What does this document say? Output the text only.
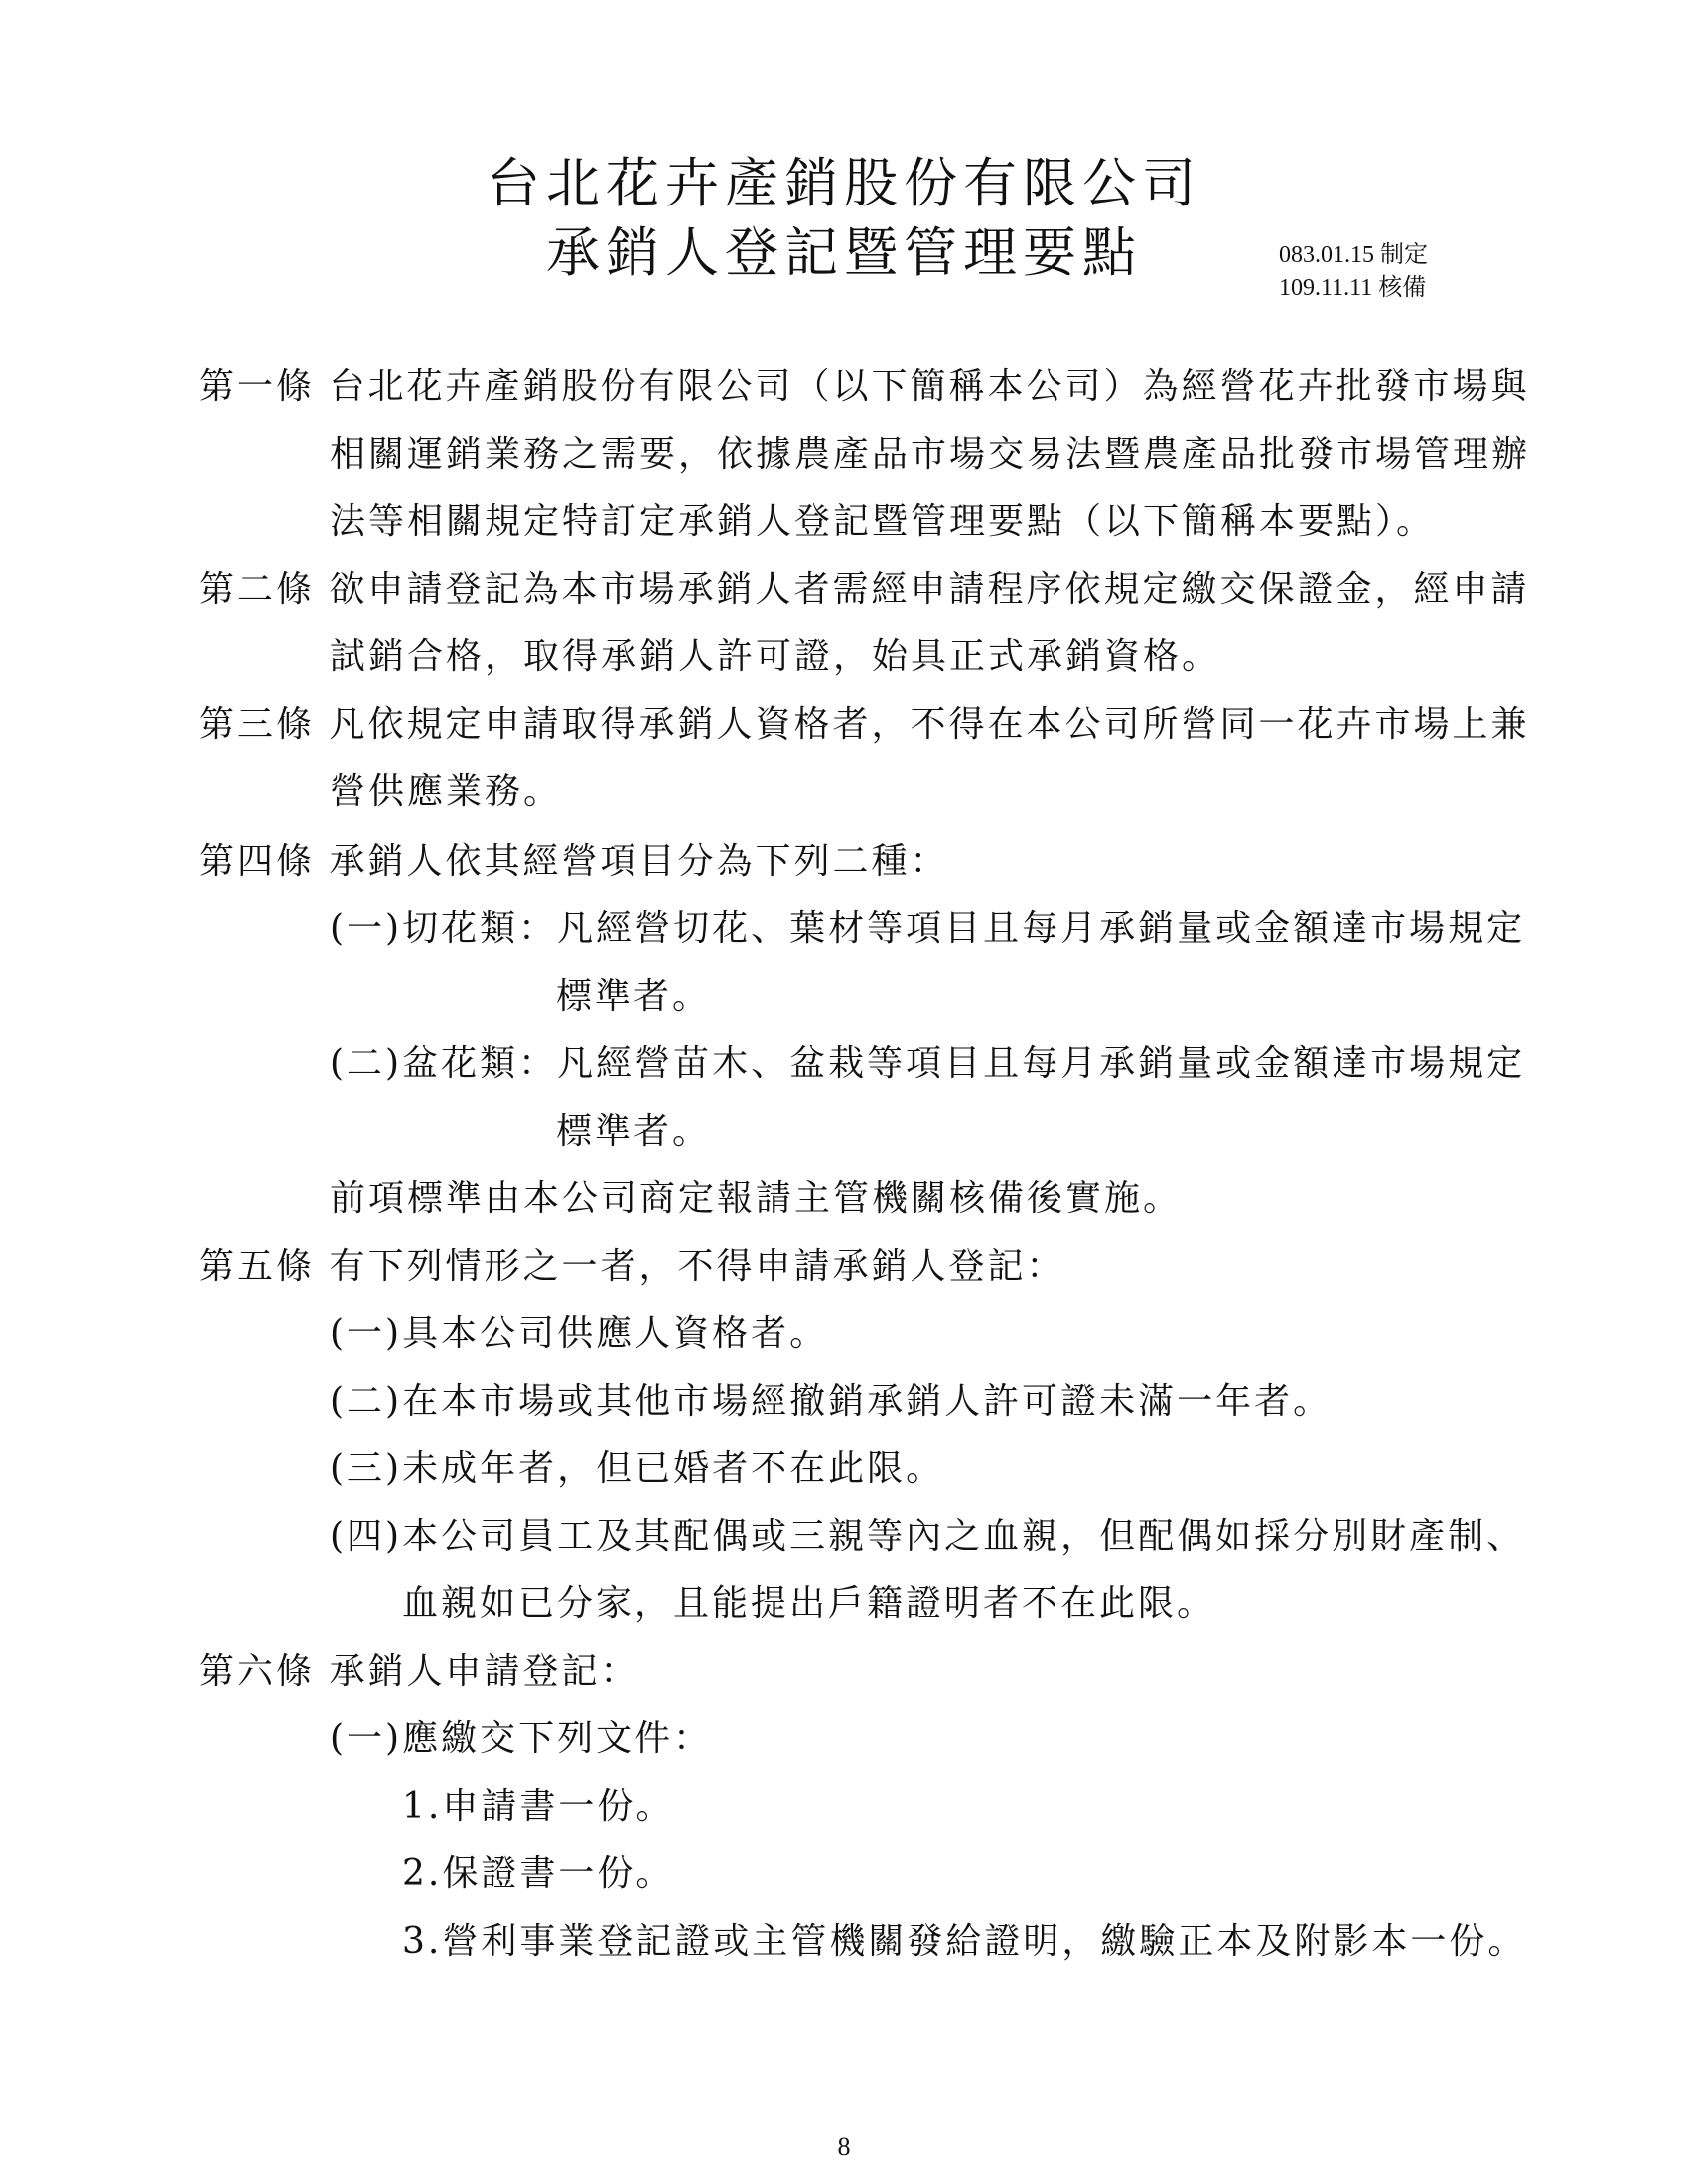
台北花卉產銷股份有限公司
承銷人登記暨管理要點	083.01.15 制定
109.11.11 核備
第一條 台北花卉產銷股份有限公司（以下簡稱本公司）為經營花卉批發市場與
相關運銷業務之需要，依據農產品市場交易法暨農產品批發市場管理辦
法等相關規定特訂定承銷人登記暨管理要點（以下簡稱本要點）。
第二條 欲申請登記為本市場承銷人者需經申請程序依規定繳交保證金，經申請
試銷合格，取得承銷人許可證，始具正式承銷資格。
第三條 凡依規定申請取得承銷人資格者，不得在本公司所營同一花卉市場上兼
營供應業務。
第四條 承銷人依其經營項目分為下列二種：
(一)切花類：凡經營切花、葉材等項目且每月承銷量或金額達市場規定
標準者。
(二)盆花類：凡經營苗木、盆栽等項目且每月承銷量或金額達市場規定
標準者。
前項標準由本公司商定報請主管機關核備後實施。
第五條 有下列情形之一者，不得申請承銷人登記：
(一)具本公司供應人資格者。
(二)在本市場或其他市場經撤銷承銷人許可證未滿一年者。
(三)未成年者，但已婚者不在此限。
(四)本公司員工及其配偶或三親等內之血親，但配偶如採分別財產制、
血親如已分家，且能提出戶籍證明者不在此限。
第六條 承銷人申請登記：
(一)應繳交下列文件：
1.申請書一份。
2.保證書一份。
3.營利事業登記證或主管機關發給證明，繳驗正本及附影本一份。
8
